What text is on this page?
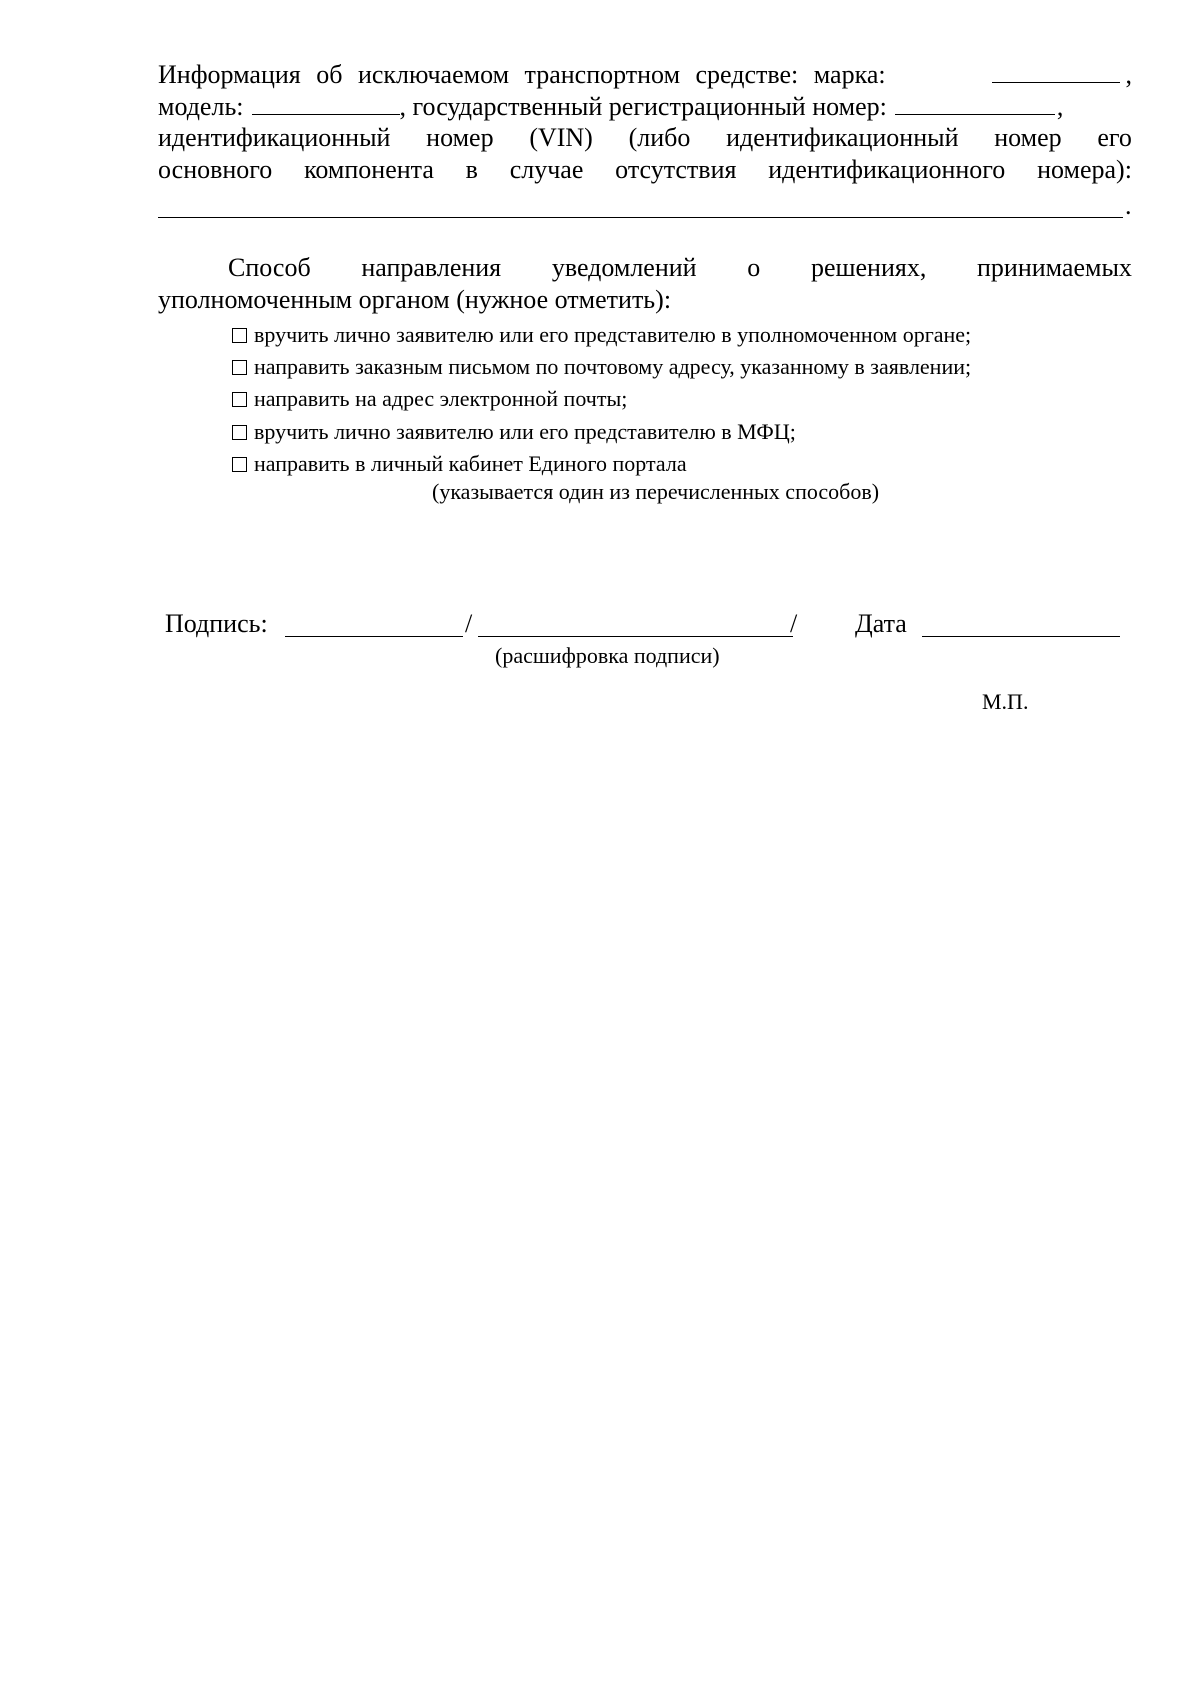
Информация об исключаемом транспортном средстве: марка:	,
модель:	, государственный регистрационный номер:	,
идентификационный номер (VIN) (либо идентификационный номер его
основного компонента в случае отсутствия идентификационного номера):
.
Способ направления уведомлений о решениях, принимаемых
уполномоченным органом (нужное отметить):
вручить лично заявителю или его представителю в уполномоченном органе;
направить заказным письмом по почтовому адресу, указанному в заявлении;
направить на адрес электронной почты;
вручить лично заявителю или его представителю в МФЦ;
направить в личный кабинет Единого портала
(указывается один из перечисленных способов)
Подпись:	/	/ Дата
(расшифровка подписи)
М.П.
